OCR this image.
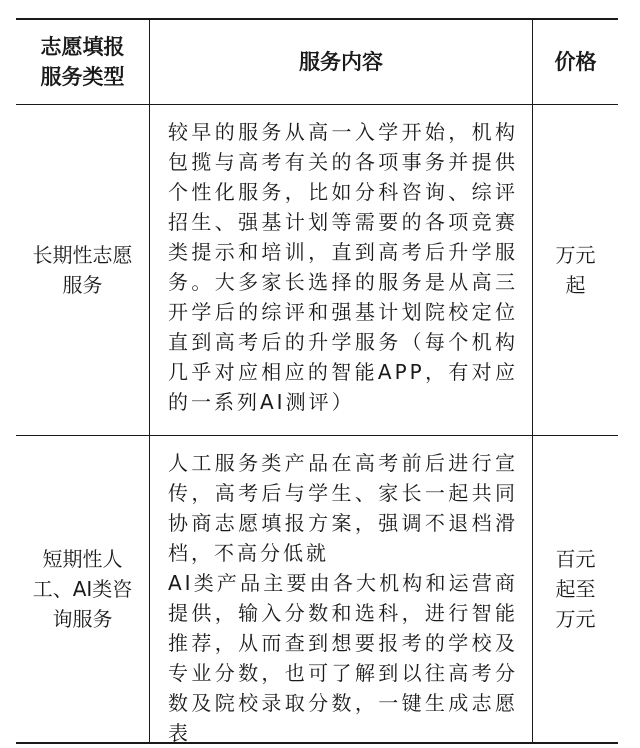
志愿填报服务类型
服务内容	价格
长期性志愿服务

较早的服务从高一入学开始，机构包揽与高考有关的各项事务并提供个性化服务，比如分科咨询、综评招生、强基计划等需要的各项竞赛类提示和培训，直到高考后升学服务。大多家长选择的服务是从高三开学后的综评和强基计划院校定位直到高考后的升学服务（每个机构几乎对应相应的智能APP，有对应的一系列AI测评）

万元起
短期性人工、AI类咨询服务

人工服务类产品在高考前后进行宣传，高考后与学生、家长一起共同协商志愿填报方案，强调不退档滑档，不高分低就

AI类产品主要由各大机构和运营商提供，输入分数和选科，进行智能推荐，从而查到想要报考的学校及专业分数，也可了解到以往高考分数及院校录取分数，一键生成志愿表

百元起至万元
